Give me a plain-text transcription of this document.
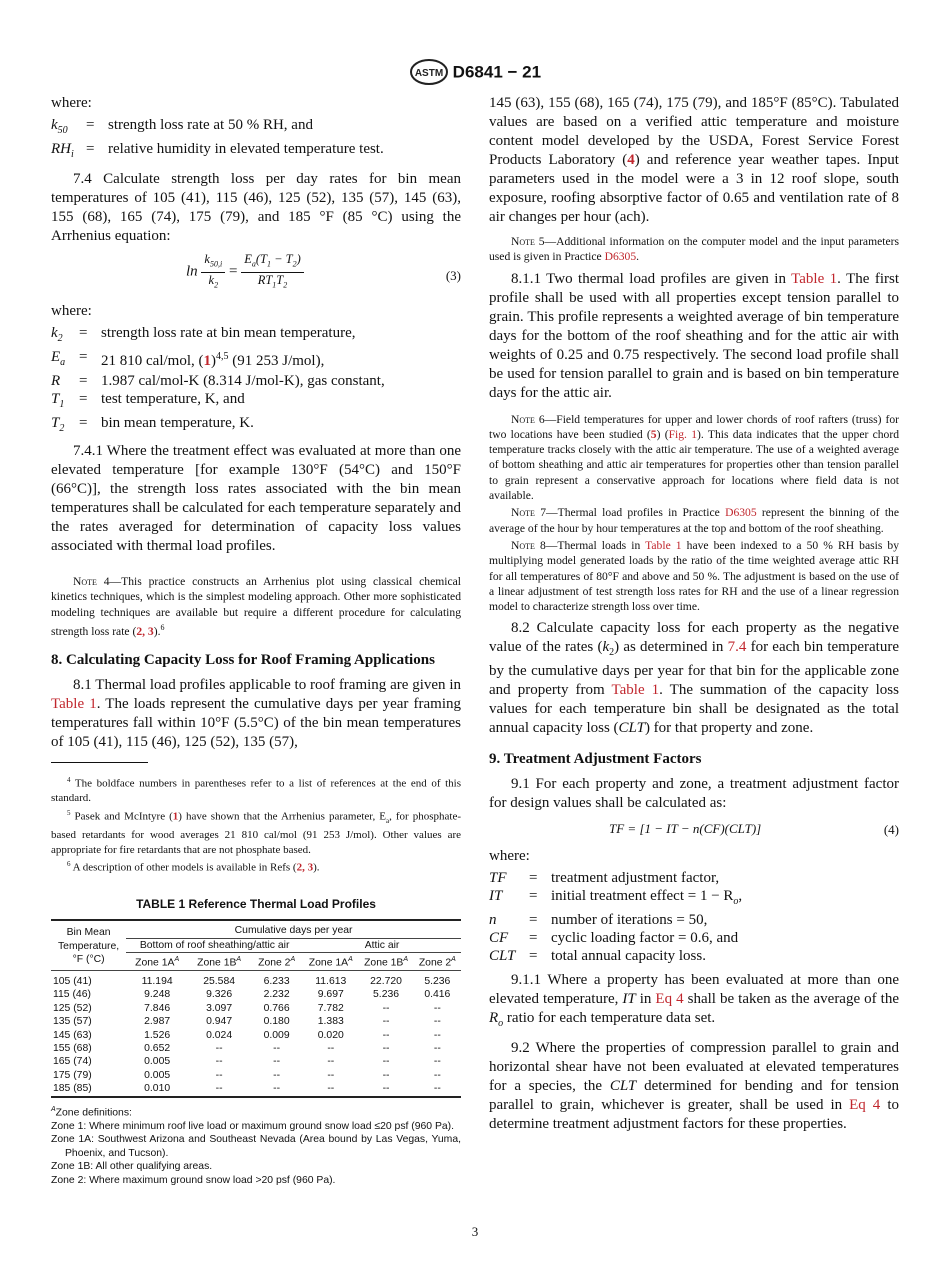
ASTM D6841 − 21
where:
$k_{50}$	= strength loss rate at 50 % RH, and
$RH_i$ = relative humidity in elevated temperature test.
7.4 Calculate strength loss per day rates for bin mean temperatures of 105 (41), 115 (46), 125 (52), 135 (57), 145 (63), 155 (68), 165 (74), 175 (79), and 185 °F (85 °C) using the Arrhenius equation:
$\ln \frac{k_{50,i}}{k_2} = \frac{E_a(T_1 - T_2)}{RT_1T_2}$	(3)
where:
$k_2$	= strength loss rate at bin mean temperature,
$E_a = 21$ 810 cal/mol, $(1)^{4,5}$ (91 253 J/mol),
R	= 1.987 cal/mol-K (8.314 J/mol-K), gas constant,
$T_1$ = test temperature, K, and
$T_2$ = bin mean temperature, K.
7.4.1 Where the treatment effect was evaluated at more than one elevated temperature [for example 130°F (54°C) and 150°F (66°C)], the strength loss rates associated with the bin mean temperatures shall be calculated for each temperature separately and the rates averaged for determination of capacity loss values associated with thermal load profiles.
Note 4—This practice constructs an Arrhenius plot using classical chemical kinetics techniques, which is the simplest modeling approach. Other more sophisticated modeling techniques are available but require a different procedure for calculating strength loss rate (2, 3).$^6$
8. Calculating Capacity Loss for Roof Framing Applications
8.1 Thermal load profiles applicable to roof framing are given in Table 1. The loads represent the cumulative days per year framing temperatures fall within 10°F (5.5°C) of the bin mean temperatures of 105 (41), 115 (46), 125 (52), 135 (57),
$^4$ The boldface numbers in parentheses refer to a list of references at the end of this standard.
$^5$ Pasek and McIntyre (1) have shown that the Arrhenius parameter, $E_a$, for phosphate-based retardants for wood averages 21 810 cal/mol (91 253 J/mol). Other values are appropriate for fire retardants that are not phosphate based.
$^6$ A description of other models is available in Refs (2, 3).
TABLE 1 Reference Thermal Load Profiles
Bin Mean
Temperature,
°F (°C)	Cumulative days per year					
	Bottom of roof sheathing/attic air			Attic air		
	Zone $1A^A$	Zone $1B^A$	Zone $2^A$	Zone $1A^A$	Zone $1B^A$	Zone $2^A$
105 (41)	11.194	25.584	6.233	11.613	22.720	5.236
115 (46)	9.248	9.326	2.232	9.697	5.236	0.416
125 (52)	7.846	3.097	0.766	7.782	--	--
135 (57)	2.987	0.947	0.180	1.383	--	--
145 (63)	1.526	0.024	0.009	0.020	--	--
155 (68)	0.652	--	--	--	--	--
165 (74)	0.005	--	--	--	--	--
175 (79)	0.005	--	--	--	--	--
185 (85)	0.010	--	--	--	--	--
$^A$Zone definitions:
Zone 1: Where minimum roof live load or maximum ground snow load ≤20 psf (960 Pa).
Zone 1A: Southwest Arizona and Southeast Nevada (Area bound by Las Vegas, Yuma, Phoenix, and Tucson).
Zone 1B: All other qualifying areas.
Zone 2: Where maximum ground snow load >20 psf (960 Pa).
145 (63), 155 (68), 165 (74), 175 (79), and 185°F (85°C). Tabulated values are based on a verified attic temperature and moisture content model developed by the USDA, Forest Service Forest Products Laboratory (4) and reference year weather tapes. Input parameters used in the model were a 3 in 12 roof slope, south exposure, roofing absorptive factor of 0.65 and ventilation rate of 8 air changes per hour (ach).
Note 5—Additional information on the computer model and the input parameters used is given in Practice D6305.
8.1.1 Two thermal load profiles are given in Table 1. The first profile shall be used with all properties except tension parallel to grain. This profile represents a weighted average of bin temperature days for the bottom of the roof sheathing and for the attic air with weights of 0.25 and 0.75 respectively. The second load profile shall be used for tension parallel to grain and is based on bin temperature days for the attic air.
Note 6—Field temperatures for upper and lower chords of roof rafters (truss) for two locations have been studied (5) (Fig. 1). This data indicates that the upper chord temperature tracks closely with the attic air temperature. The use of a weighted average of bottom sheathing and attic air temperatures for properties other than tension parallel to grain represent a conservative approach for locations where field data is not available.
Note 7—Thermal load profiles in Practice D6305 represent the binning of the average of the hour by hour temperatures at the top and bottom of the roof sheathing.
Note 8—Thermal loads in Table 1 have been indexed to a 50 % RH basis by multiplying model generated loads by the ratio of the time weighted average attic RH for all temperatures of 80°F and above and 50 %. The adjustment is based on the use of a linear adjustment of test strength loss rates for RH and the use of a linear regression model to characterize strength loss over time.
8.2 Calculate capacity loss for each property as the negative value of the rates $(k_2)$ as determined in 7.4 for each bin temperature by the cumulative days per year for that bin for the applicable zone and property from Table 1. The summation of the capacity loss values for each temperature bin shall be designated as the total annual capacity loss (CLT) for that property and zone.
9. Treatment Adjustment Factors
9.1 For each property and zone, a treatment adjustment factor for design values shall be calculated as:
TF = [1 − IT − n(CF)(CLT)]	(4)
where:
TF	= treatment adjustment factor,
IT	= initial treatment effect = $1 - R_o$,
n	= number of iterations = 50,
CF	= cyclic loading factor = 0.6, and
CLT = total annual capacity loss.
9.1.1 Where a property has been evaluated at more than one elevated temperature, IT in Eq 4 shall be taken as the average of the $R_o$ ratio for each temperature data set.
9.2 Where the properties of compression parallel to grain and horizontal shear have not been evaluated at elevated temperatures for a species, the CLT determined for bending and for tension parallel to grain, whichever is greater, shall be used in Eq 4 to determine treatment adjustment factors for these properties.
3
